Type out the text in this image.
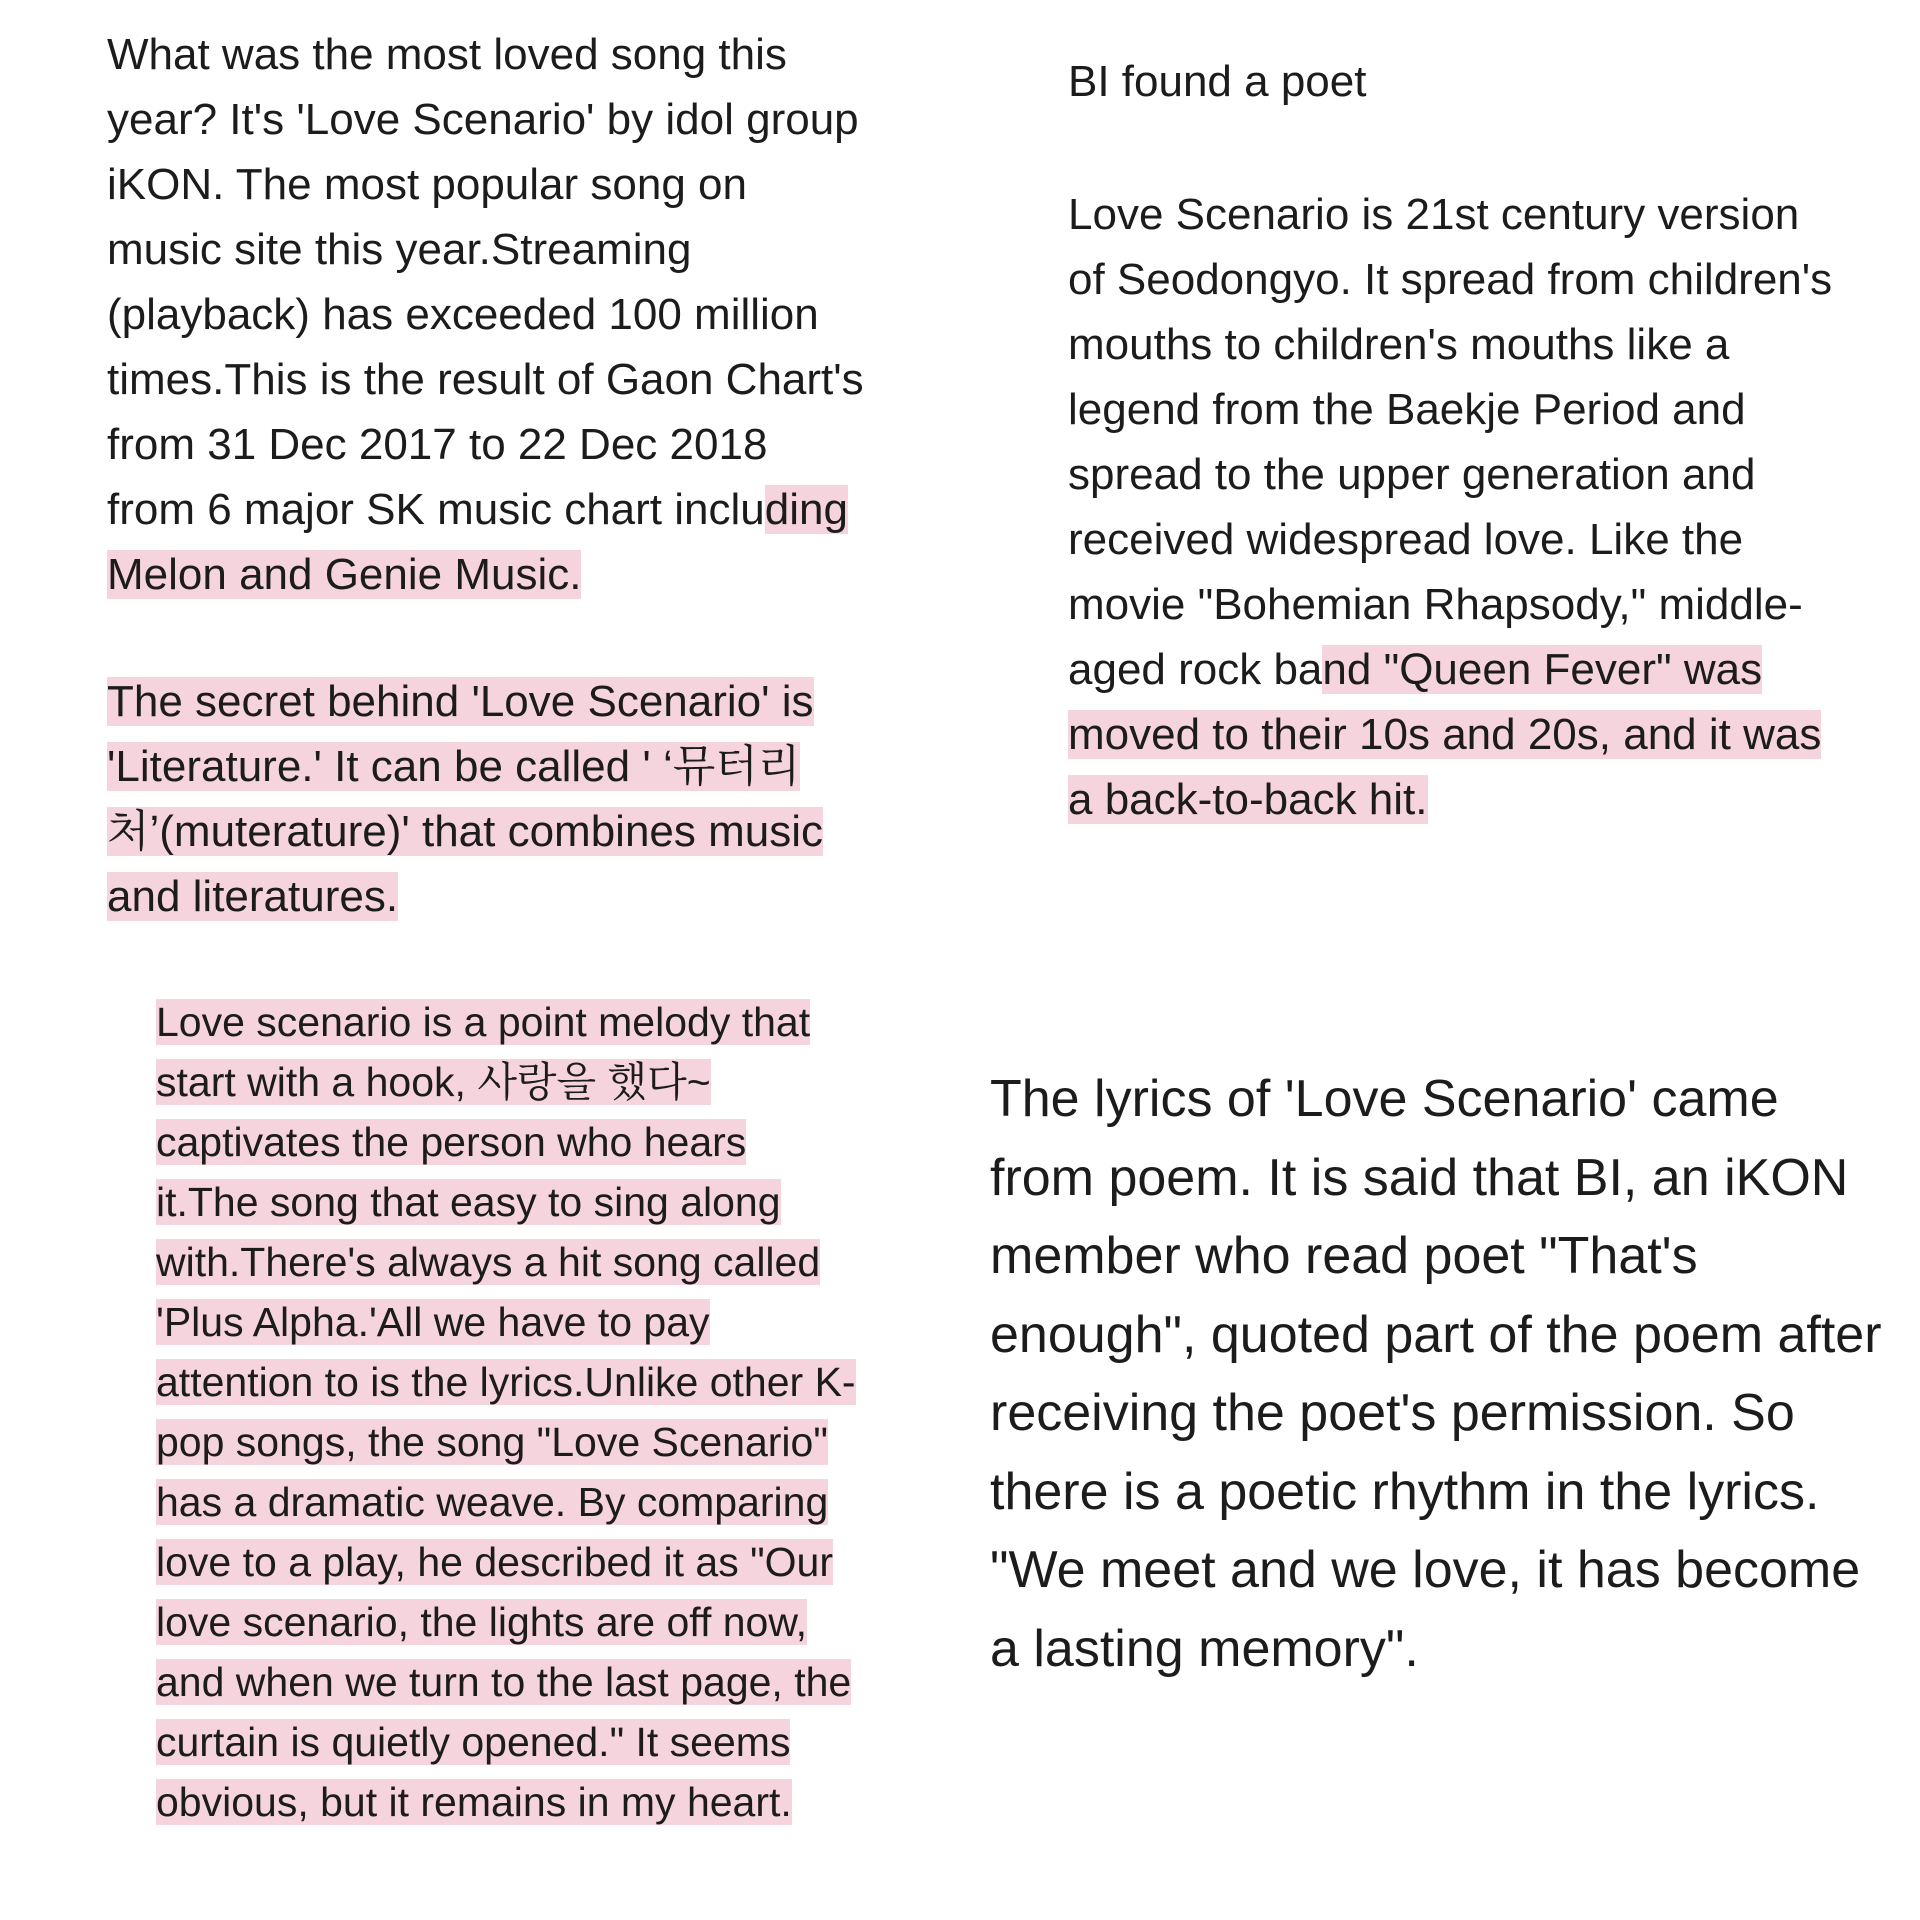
What was the most loved song this year? It's 'Love Scenario' by idol group iKON. The most popular song on music site this year.Streaming (playback) has exceeded 100 million times.This is the result of Gaon Chart's from 31 Dec 2017 to 22 Dec 2018 from 6 major SK music chart including Melon and Genie Music.

The secret behind 'Love Scenario' is 'Literature.' It can be called ' ‘뮤터리처’(muterature)' that combines music and literatures.

Love scenario is a point melody that start with a hook, 사랑을 했다~ captivates the person who hears it.The song that easy to sing along with.There's always a hit song called 'Plus Alpha.'All we have to pay attention to is the lyrics.Unlike other K-pop songs, the song "Love Scenario" has a dramatic weave. By comparing love to a play, he described it as "Our love scenario, the lights are off now, and when we turn to the last page, the curtain is quietly opened." It seems obvious, but it remains in my heart.

BI found a poet

Love Scenario is 21st century version of Seodongyo. It spread from children's mouths to children's mouths like a legend from the Baekje Period and spread to the upper generation and received widespread love. Like the movie "Bohemian Rhapsody," middle-aged rock band "Queen Fever" was moved to their 10s and 20s, and it was a back-to-back hit.

The lyrics of 'Love Scenario' came from poem. It is said that BI, an iKON member who read poet "That's enough", quoted part of the poem after receiving the poet's permission. So there is a poetic rhythm in the lyrics. "We meet and we love, it has become a lasting memory".
